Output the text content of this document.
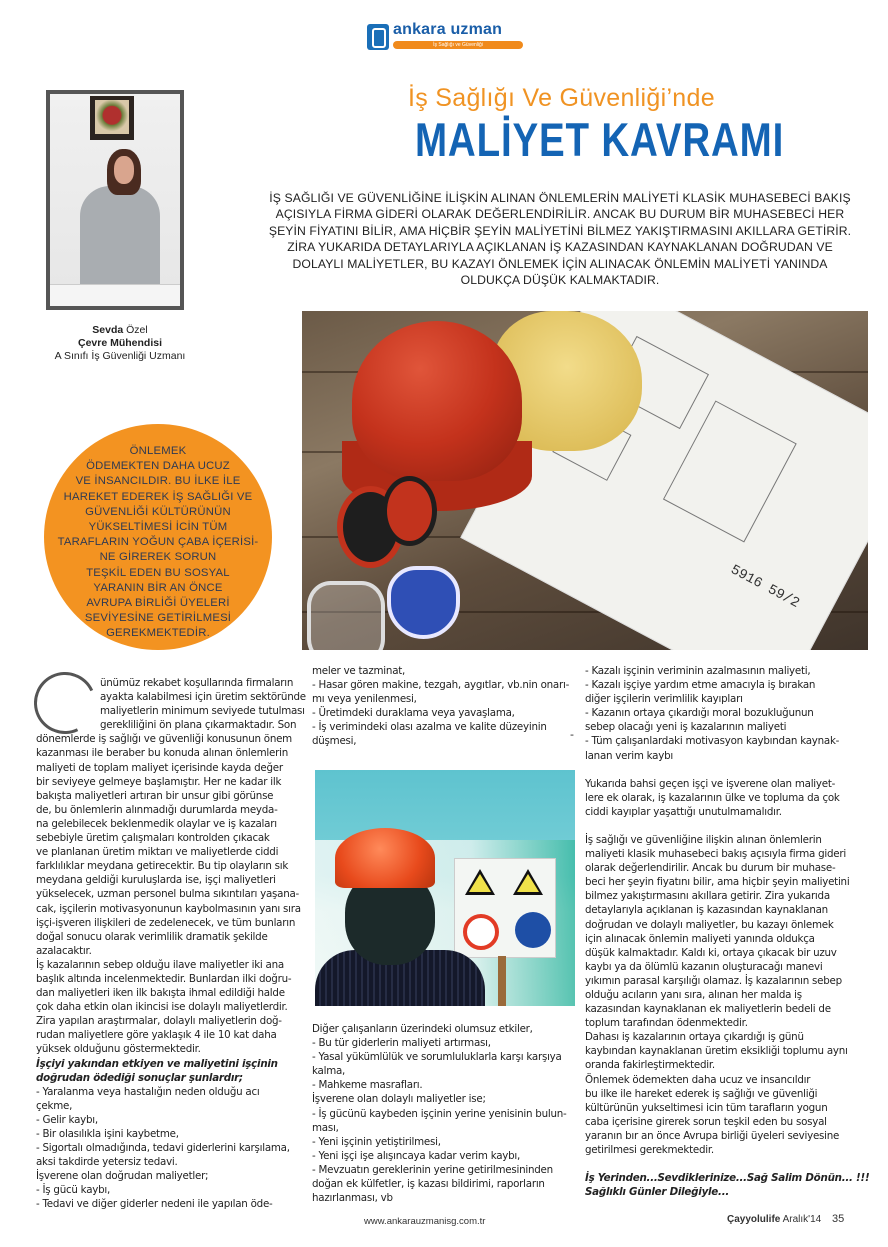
ankara uzman
İş Sağlığı ve Güvenliği
Sevda Özel
Çevre Mühendisi
A Sınıfı İş Güvenliği Uzmanı
İş Sağlığı Ve Güvenliği’nde
MALİYET KAVRAMI
İŞ SAĞLIĞI VE GÜVENLİĞİNE İLİŞKİN ALINAN ÖNLEMLERİN MALİYETİ KLASİK MUHASEBECİ BAKIŞ AÇISIYLA FİRMA GİDERİ OLARAK DEĞERLENDİRİLİR. ANCAK BU DURUM BİR MUHASEBECİ HER ŞEYİN FİYATINI BİLİR, AMA HİÇBİR ŞEYİN MALİYETİNİ BİLMEZ YAKIŞTIRMASINI AKILLARA GETİRİR. ZİRA YUKARIDA DETAYLARIYLA AÇIKLANAN İŞ KAZASINDAN KAYNAKLANAN DOĞRUDAN VE DOLAYLI MALİYETLER, BU KAZAYI ÖNLEMEK İÇİN ALINACAK ÖNLEMİN MALİYETİ YANINDA OLDUKÇA DÜŞÜK KALMAKTADIR.
5916 59/2
ÖNLEMEK
ÖDEMEKTEN DAHA UCUZ
VE İNSANCILDIR. BU İLKE İLE
HAREKET EDEREK İŞ SAĞLIĞI VE
GÜVENLİĞİ KÜLTÜRÜNÜN
YÜKSELTİMESİ İCİN TÜM
TARAFLARIN YOĞUN ÇABA İÇERİSİ-
NE GİREREK SORUN
TEŞKİL EDEN BU SOSYAL
YARANIN BİR AN ÖNCE
AVRUPA BİRLİĞİ ÜYELERİ
SEVİYESİNE GETİRİLMESİ
GEREKMEKTEDİR.

ünümüz rekabet koşullarında firmaların

ayakta kalabilmesi için üretim sektöründe

maliyetlerin minimum seviyede tutulması

gerekliliğini ön plana çıkarmaktadır. Son

dönemlerde iş sağlığı ve güvenliği konusunun önem

kazanması ile beraber bu konuda alınan önlemlerin

maliyeti de toplam maliyet içerisinde kayda değer

bir seviyeye gelmeye başlamıştır. Her ne kadar ilk

bakışta maliyetleri artıran bir unsur gibi görünse

de, bu önlemlerin alınmadığı durumlarda meyda-

na gelebilecek beklenmedik olaylar ve iş kazaları

sebebiyle üretim çalışmaları kontrolden çıkacak

ve planlanan üretim miktarı ve maliyetlerde ciddi

farklılıklar meydana getirecektir. Bu tip olayların sık

meydana geldiği kuruluşlarda ise, işçi maliyetleri

yükselecek, uzman personel bulma sıkıntıları yaşana-

cak, işçilerin motivasyonunun kaybolmasının yanı sıra

işçi-işveren ilişkileri de zedelenecek, ve tüm bunların

doğal sonucu olarak verimlilik dramatik şekilde

azalacaktır.

İş kazalarının sebep olduğu ilave maliyetler iki ana

başlık altında incelenmektedir. Bunlardan ilki doğru-

dan maliyetleri iken ilk bakışta ihmal edildiği halde

çok daha etkin olan ikincisi ise dolaylı maliyetlerdir.

Zira yapılan araştırmalar, dolaylı maliyetlerin doğ-

rudan maliyetlere göre yaklaşık 4 ile 10 kat daha

yüksek olduğunu göstermektedir.

İşçiyi yakından etkiyen ve maliyetini işçinin

doğrudan ödediği sonuçlar şunlardır;

- Yaralanma veya hastalığın neden olduğu acı

çekme,

- Gelir kaybı,

- Bir olasılıkla işini kaybetme,

- Sigortalı olmadığında, tedavi giderlerini karşılama,

aksi takdirde yetersiz tedavi.

İşverene olan doğrudan maliyetler;

- İş gücü kaybı,

- Tedavi ve diğer giderler nedeni ile yapılan öde-

meler ve tazminat,

- Hasar gören makine, tezgah, aygıtlar, vb.nin onarı-

mı veya yenilenmesi,

- Üretimdeki duraklama veya yavaşlama,

- İş verimindeki olası azalma ve kalite düzeyinin

düşmesi,

-

Diğer çalışanların üzerindeki olumsuz etkiler,

- Bu tür giderlerin maliyeti artırması,

- Yasal yükümlülük ve sorumluluklarla karşı karşıya

kalma,

- Mahkeme masrafları.

İşverene olan dolaylı maliyetler ise;

- İş gücünü kaybeden işçinin yerine yenisinin bulun-

ması,

- Yeni işçinin yetiştirilmesi,

- Yeni işçi işe alışıncaya kadar verim kaybı,

- Mevzuatın gereklerinin yerine getirilmesininden

doğan ek külfetler, iş kazası bildirimi, raporların

hazırlanması, vb

- Kazalı işçinin veriminin azalmasının maliyeti,

- Kazalı işçiye yardım etme amacıyla iş bırakan

diğer işçilerin verimlilik kayıpları

- Kazanın ortaya çıkardığı moral bozukluğunun

sebep olacağı yeni iş kazalarının maliyeti

- Tüm çalışanlardaki motivasyon kaybından kaynak-

lanan verim kaybı

Yukarıda bahsi geçen işçi ve işverene olan maliyet-

lere ek olarak, iş kazalarının ülke ve topluma da çok

ciddi kayıplar yaşattığı unutulmamalıdır.

İş sağlığı ve güvenliğine ilişkin alınan önlemlerin

maliyeti klasik muhasebeci bakış açısıyla firma gideri

olarak değerlendirilir. Ancak bu durum bir muhase-

beci her şeyin fiyatını bilir, ama hiçbir şeyin maliyetini

bilmez yakıştırmasını akıllara getirir. Zira yukarıda

detaylarıyla açıklanan iş kazasından kaynaklanan

doğrudan ve dolaylı maliyetler, bu kazayı önlemek

için alınacak önlemin maliyeti yanında oldukça

düşük kalmaktadır. Kaldı ki, ortaya çıkacak bir uzuv

kaybı ya da ölümlü kazanın oluşturacağı manevi

yıkımın parasal karşılığı olamaz. İş kazalarının sebep

olduğu acıların yanı sıra, alınan her malda iş

kazasından kaynaklanan ek maliyetlerin bedeli de

toplum tarafından ödenmektedir.

Dahası iş kazalarının ortaya çıkardığı iş günü

kaybından kaynaklanan üretim eksikliği toplumu aynı

oranda fakirleştirmektedir.

Önlemek ödemekten daha ucuz ve insancıldır

bu ilke ile hareket ederek iş sağlığı ve güvenliği

kültürünün yukseltimesi icin tüm tarafların yogun

caba içerisine girerek sorun teşkil eden bu sosyal

yaranın bır an önce Avrupa birliği üyeleri seviyesine

getirilmesi gerekmektedir.

İş Yerinden...Sevdiklerinize...Sağ Salim Dönün... !!!

Sağlıklı Günler Dileğiyle...

www.ankarauzmanisg.com.tr	Çayyolulife Aralık'14 35
